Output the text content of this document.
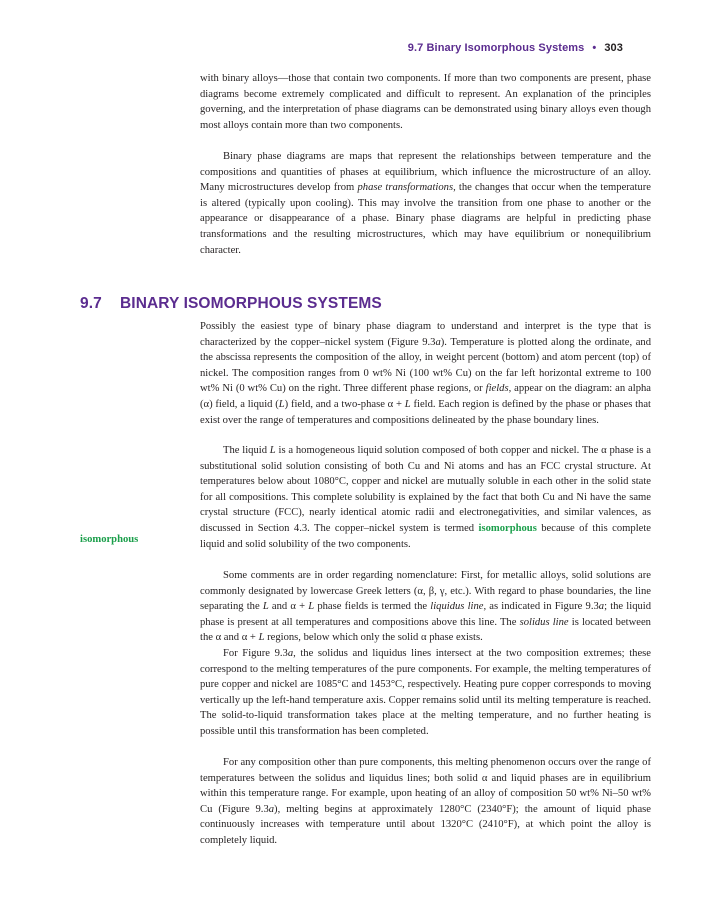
9.7 Binary Isomorphous Systems • 303

with binary alloys—those that contain two components. If more than two components are present, phase diagrams become extremely complicated and difficult to represent. An explanation of the principles governing, and the interpretation of phase diagrams can be demonstrated using binary alloys even though most alloys contain more than two components.

Binary phase diagrams are maps that represent the relationships between temperature and the compositions and quantities of phases at equilibrium, which influence the microstructure of an alloy. Many microstructures develop from phase transformations, the changes that occur when the temperature is altered (typically upon cooling). This may involve the transition from one phase to another or the appearance or disappearance of a phase. Binary phase diagrams are helpful in predicting phase transformations and the resulting microstructures, which may have equilibrium or nonequilibrium character.

9.7 BINARY ISOMORPHOUS SYSTEMS
isomorphous

Possibly the easiest type of binary phase diagram to understand and interpret is the type that is characterized by the copper–nickel system (Figure 9.3a). Temperature is plotted along the ordinate, and the abscissa represents the composition of the alloy, in weight percent (bottom) and atom percent (top) of nickel. The composition ranges from 0 wt% Ni (100 wt% Cu) on the far left horizontal extreme to 100 wt% Ni (0 wt% Cu) on the right. Three different phase regions, or fields, appear on the diagram: an alpha (α) field, a liquid (L) field, and a two-phase α + L field. Each region is defined by the phase or phases that exist over the range of temperatures and compositions delineated by the phase boundary lines.

The liquid L is a homogeneous liquid solution composed of both copper and nickel. The α phase is a substitutional solid solution consisting of both Cu and Ni atoms and has an FCC crystal structure. At temperatures below about 1080°C, copper and nickel are mutually soluble in each other in the solid state for all compositions. This complete solubility is explained by the fact that both Cu and Ni have the same crystal structure (FCC), nearly identical atomic radii and electronegativities, and similar valences, as discussed in Section 4.3. The copper–nickel system is termed isomorphous because of this complete liquid and solid solubility of the two components.

Some comments are in order regarding nomenclature: First, for metallic alloys, solid solutions are commonly designated by lowercase Greek letters (α, β, γ, etc.). With regard to phase boundaries, the line separating the L and α + L phase fields is termed the liquidus line, as indicated in Figure 9.3a; the liquid phase is present at all temperatures and compositions above this line. The solidus line is located between the α and α + L regions, below which only the solid α phase exists.

For Figure 9.3a, the solidus and liquidus lines intersect at the two composition extremes; these correspond to the melting temperatures of the pure components. For example, the melting temperatures of pure copper and nickel are 1085°C and 1453°C, respectively. Heating pure copper corresponds to moving vertically up the left-hand temperature axis. Copper remains solid until its melting temperature is reached. The solid-to-liquid transformation takes place at the melting temperature, and no further heating is possible until this transformation has been completed.

For any composition other than pure components, this melting phenomenon occurs over the range of temperatures between the solidus and liquidus lines; both solid α and liquid phases are in equilibrium within this temperature range. For example, upon heating of an alloy of composition 50 wt% Ni–50 wt% Cu (Figure 9.3a), melting begins at approximately 1280°C (2340°F); the amount of liquid phase continuously increases with temperature until about 1320°C (2410°F), at which point the alloy is completely liquid.
